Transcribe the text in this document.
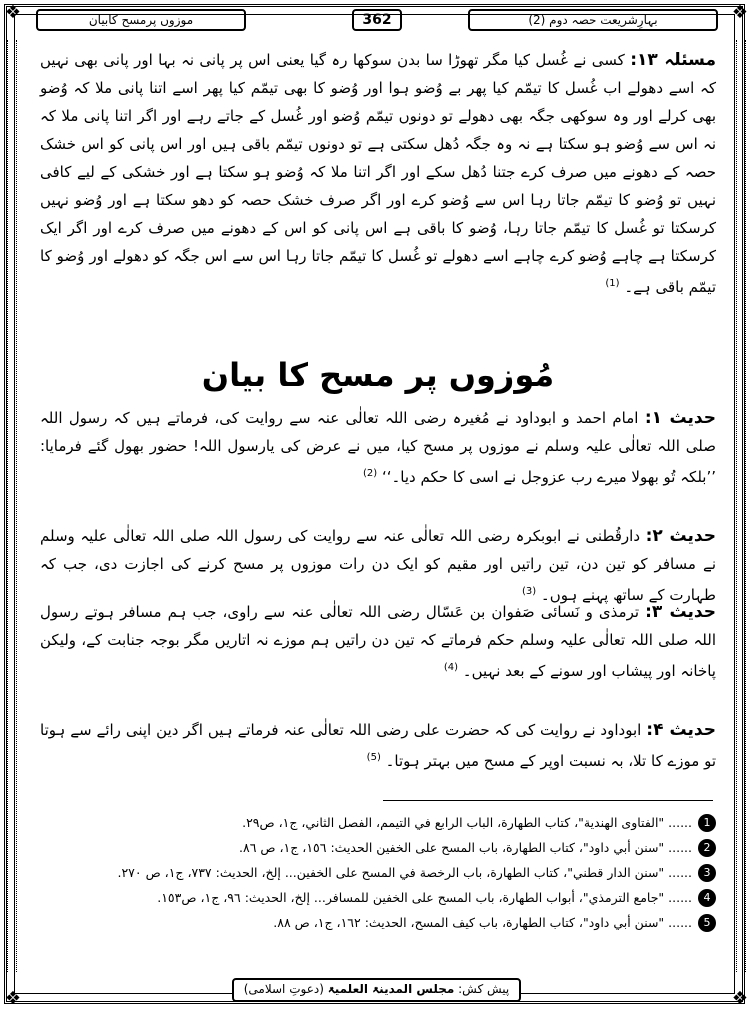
❖	❖
❖	❖
بہارِشریعت حصہ دوم (2)
362
موزوں پرمسح کابیان

مسئلہ ۱۳: کسی نے غُسل کیا مگر تھوڑا سا بدن سوکھا رہ گیا یعنی اس پر پانی نہ بہا اور پانی بھی نہیں کہ اسے دھولے اب غُسل کا تیمّم کیا پھر بے وُضو ہوا اور وُضو کا بھی تیمّم کیا پھر اسے اتنا پانی ملا کہ وُضو بھی کرلے اور وہ سوکھی جگہ بھی دھولے تو دونوں تیمّم وُضو اور غُسل کے جاتے رہے اور اگر اتنا پانی ملا کہ نہ اس سے وُضو ہو سکتا ہے نہ وہ جگہ دُھل سکتی ہے تو دونوں تیمّم باقی ہیں اور اس پانی کو اس خشک حصہ کے دھونے میں صرف کرے جتنا دُھل سکے اور اگر اتنا ملا کہ وُضو ہو سکتا ہے اور خشکی کے لیے کافی نہیں تو وُضو کا تیمّم جاتا رہا اس سے وُضو کرے اور اگر صرف خشک حصہ کو دھو سکتا ہے اور وُضو نہیں کرسکتا تو غُسل کا تیمّم جاتا رہا، وُضو کا باقی ہے اس پانی کو اس کے دھونے میں صرف کرے اور اگر ایک کرسکتا ہے چاہے وُضو کرے چاہے اسے دھولے تو غُسل کا تیمّم جاتا رہا اس سے اس جگہ کو دھولے اور وُضو کا تیمّم باقی ہے۔ $^{(1)}$

مُوزوں پر مسح کا بیان

حدیث ۱: امام احمد و ابوداود نے مُغیرہ رضی اللہ تعالٰی عنہ سے روایت کی، فرماتے ہیں کہ رسول اللہ صلی اللہ تعالٰی علیہ وسلم نے موزوں پر مسح کیا، میں نے عرض کی یارسول اللہ! حضور بھول گئے فرمایا: ’’بلکہ تُو بھولا میرے رب عزوجل نے اسی کا حکم دیا۔‘‘ $^{(2)}$

حدیث ۲: دارقُطنی نے ابوبکرہ رضی اللہ تعالٰی عنہ سے روایت کی رسول اللہ صلی اللہ تعالٰی علیہ وسلم نے مسافر کو تین دن، تین راتیں اور مقیم کو ایک دن رات موزوں پر مسح کرنے کی اجازت دی، جب کہ طہارت کے ساتھ پہنے ہوں۔ $^{(3)}$

حدیث ۳: ترمذی و نَسائی صَفوان بن عَسّال رضی اللہ تعالٰی عنہ سے راوی، جب ہم مسافر ہوتے رسول اللہ صلی اللہ تعالٰی علیہ وسلم حکم فرماتے کہ تین دن راتیں ہم موزے نہ اتاریں مگر بوجہ جنابت کے، ولیکن پاخانہ اور پیشاب اور سونے کے بعد نہیں۔ $^{(4)}$

حدیث ۴: ابوداود نے روایت کی کہ حضرت علی رضی اللہ تعالٰی عنہ فرماتے ہیں اگر دین اپنی رائے سے ہوتا تو موزے کا تلا، بہ نسبت اوپر کے مسح میں بہتر ہوتا۔ $^{(5)}$

1
...... "الفتاوى الهندية"، كتاب الطهارة، الباب الرابع في التيمم، الفصل الثاني، ج١، ص٢٩.
2
...... "سنن أبي داود"، كتاب الطهارة، باب المسح على الخفين الحديث: ١٥٦، ج١، ص ٨٦.
3
...... "سنن الدار قطني"، كتاب الطهارة، باب الرخصة في المسح على الخفين... إلخ، الحديث: ٧٣٧، ج١، ص ٢٧٠.
4
...... "جامع الترمذي"، أبواب الطهارة، باب المسح على الخفين للمسافر... إلخ، الحديث: ٩٦، ج١، ص١٥٣.
5
...... "سنن أبي داود"، كتاب الطهارة، باب كيف المسح، الحديث: ١٦٢، ج١، ص ٨٨.
پیش کش: مجلس المدینۃ العلمیۃ (دعوتِ اسلامی)
